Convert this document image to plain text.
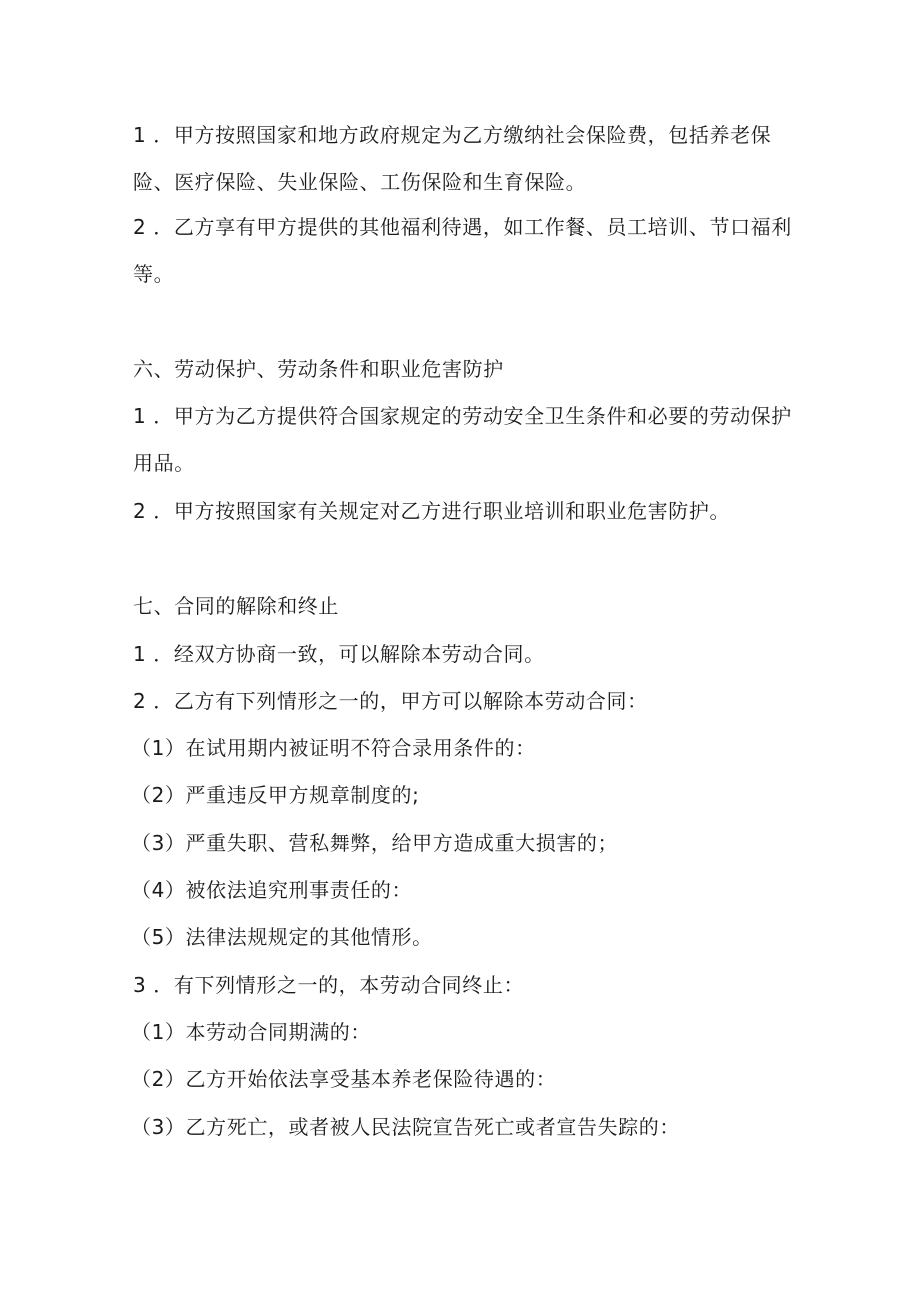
1 ．甲方按照国家和地方政府规定为乙方缴纳社会保险费，包括养老保
险、医疗保险、失业保险、工伤保险和生育保险。
2 ．乙方享有甲方提供的其他福利待遇，如工作餐、员工培训、节口福利
等。
六、劳动保护、劳动条件和职业危害防护
1 ．甲方为乙方提供符合国家规定的劳动安全卫生条件和必要的劳动保护
用品。
2 ．甲方按照国家有关规定对乙方进行职业培训和职业危害防护。
七、合同的解除和终止
1 ．经双方协商一致，可以解除本劳动合同。
2 ．乙方有下列情形之一的，甲方可以解除本劳动合同：
（1）在试用期内被证明不符合录用条件的：
（2）严重违反甲方规章制度的;
（3）严重失职、营私舞弊，给甲方造成重大损害的；
（4）被依法追究刑事责任的：
（5）法律法规规定的其他情形。
3 ．有下列情形之一的，本劳动合同终止：
（1）本劳动合同期满的：
（2）乙方开始依法享受基本养老保险待遇的：
（3）乙方死亡，或者被人民法院宣告死亡或者宣告失踪的：
